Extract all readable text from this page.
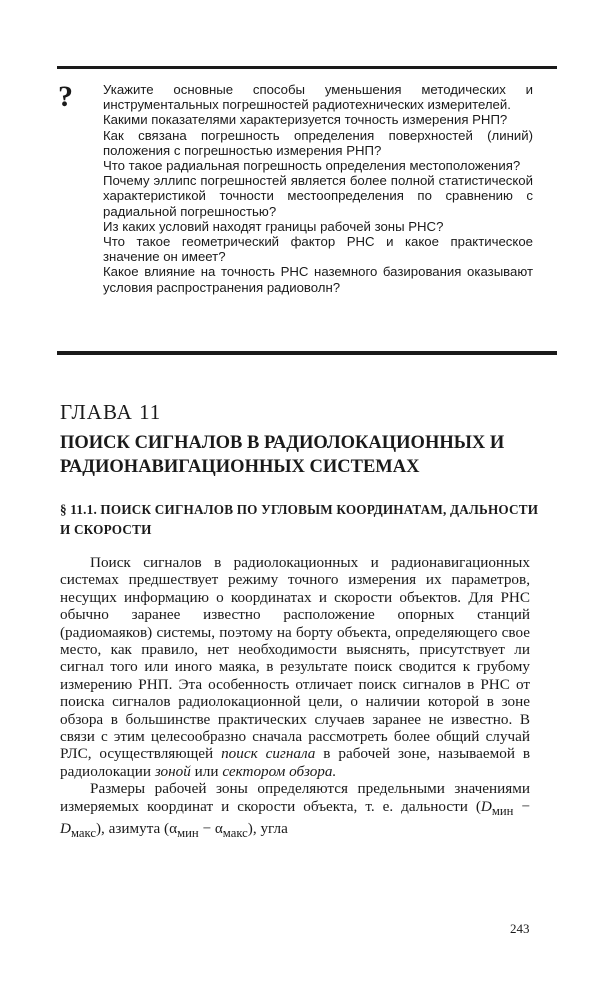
? Укажите основные способы уменьшения методических и инструментальных погрешностей радиотехнических измерителей.

Какими показателями характеризуется точность измерения РНП?

Как связана погрешность определения поверхностей (линий) положения с погрешностью измерения РНП?

Что такое радиальная погрешность определения местоположения?

Почему эллипс погрешностей является более полной статистической характеристикой точности местоопределения по сравнению с радиальной погрешностью?

Из каких условий находят границы рабочей зоны РНС?

Что такое геометрический фактор РНС и какое практическое значение он имеет?

Какое влияние на точность РНС наземного базирования оказывают условия распространения радиоволн?

ГЛАВА 11
ПОИСК СИГНАЛОВ В РАДИОЛОКАЦИОННЫХ И РАДИОНАВИГАЦИОННЫХ СИСТЕМАХ
§ 11.1. ПОИСК СИГНАЛОВ ПО УГЛОВЫМ КООРДИНАТАМ, ДАЛЬНОСТИ И СКОРОСТИ

Поиск сигналов в радиолокационных и радионавигационных системах предшествует режиму точного измерения их параметров, несущих информацию о координатах и скорости объектов. Для РНС обычно заранее известно расположение опорных станций (радиомаяков) системы, поэтому на борту объекта, определяющего свое место, как правило, нет необходимости выяснять, присутствует ли сигнал того или иного маяка, в результате поиск сводится к грубому измерению РНП. Эта особенность отличает поиск сигналов в РНС от поиска сигналов радиолокационной цели, о наличии которой в зоне обзора в большинстве практических случаев заранее не известно. В связи с этим целесообразно сначала рассмотреть более общий случай РЛС, осуществляющей поиск сигнала в рабочей зоне, называемой в радиолокации зоной или сектором обзора.

Размеры рабочей зоны определяются предельными значениями измеряемых координат и скорости объекта, т. е. дальности $(D_{мин} - D_{макс})$, азимута $(\alpha_{мин} - \alpha_{макс})$, угла

243
